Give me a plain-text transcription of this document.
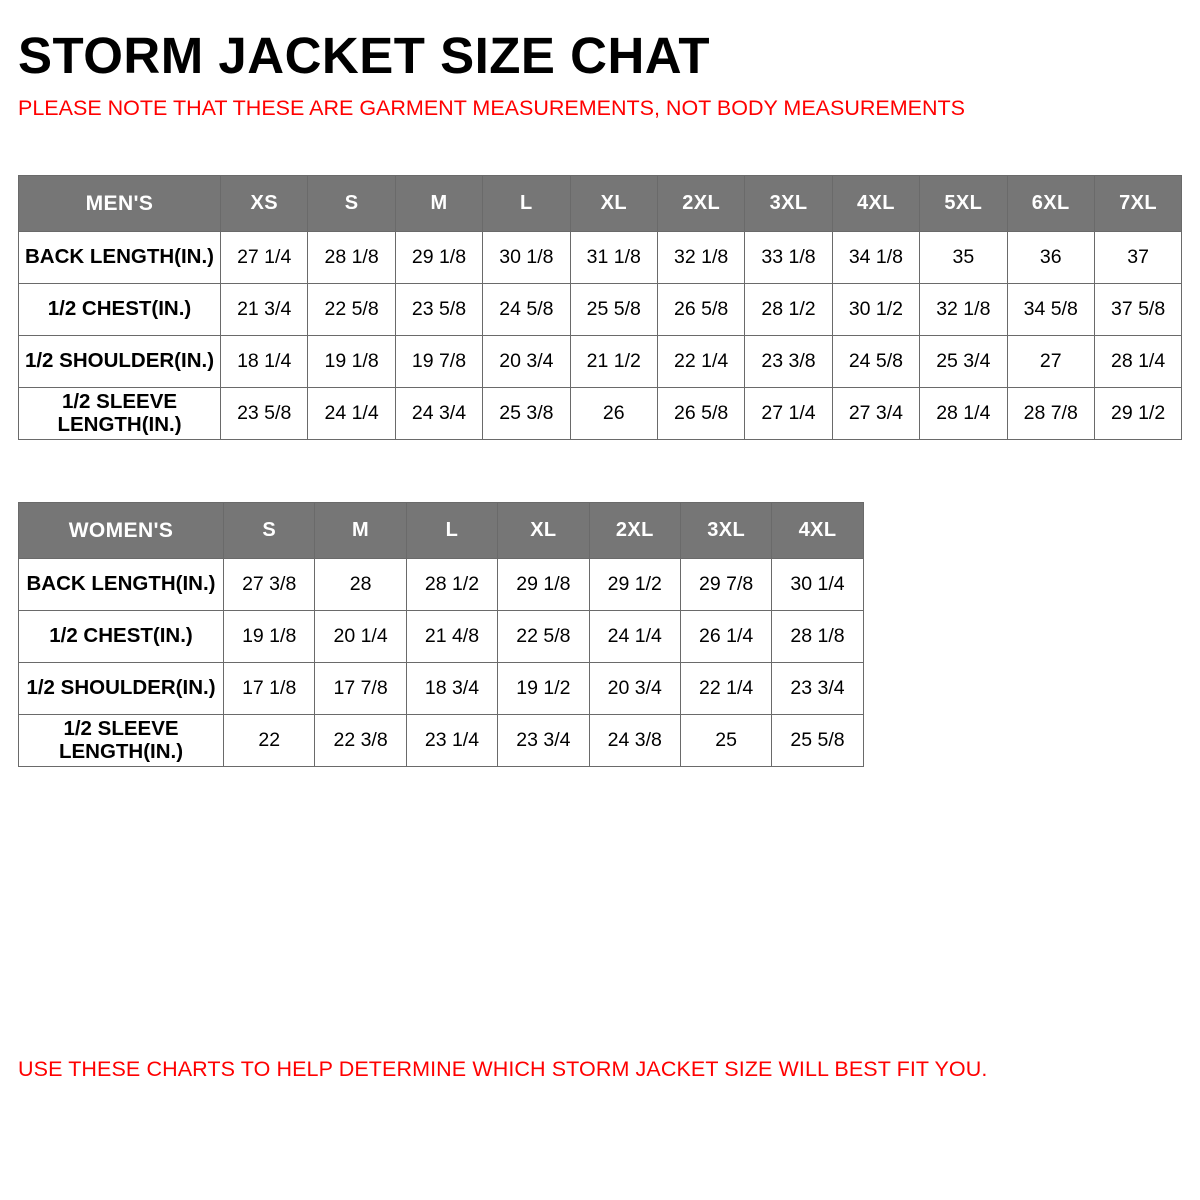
STORM JACKET SIZE CHAT
PLEASE NOTE THAT THESE ARE GARMENT MEASUREMENTS, NOT BODY MEASUREMENTS
MEN'S	XS	S	M	L	XL	2XL	3XL	4XL	5XL	6XL	7XL
BACK LENGTH(IN.)	27 1/4	28 1/8	29 1/8	30 1/8	31 1/8	32 1/8	33 1/8	34 1/8	35	36	37
1/2 CHEST(IN.)	21 3/4	22 5/8	23 5/8	24 5/8	25 5/8	26 5/8	28 1/2	30 1/2	32 1/8	34 5/8	37 5/8
1/2 SHOULDER(IN.)	18 1/4	19 1/8	19 7/8	20 3/4	21 1/2	22 1/4	23 3/8	24 5/8	25 3/4	27	28 1/4
1/2 SLEEVE LENGTH(IN.)	23 5/8	24 1/4	24 3/4	25 3/8	26	26 5/8	27 1/4	27 3/4	28 1/4	28 7/8	29 1/2
WOMEN'S	S	M	L	XL	2XL	3XL	4XL
BACK LENGTH(IN.)	27 3/8	28	28 1/2	29 1/8	29 1/2	29 7/8	30 1/4
1/2 CHEST(IN.)	19 1/8	20 1/4	21 4/8	22 5/8	24 1/4	26 1/4	28 1/8
1/2 SHOULDER(IN.)	17 1/8	17 7/8	18 3/4	19 1/2	20 3/4	22 1/4	23 3/4
1/2 SLEEVE LENGTH(IN.)	22	22 3/8	23 1/4	23 3/4	24 3/8	25	25 5/8
USE THESE CHARTS TO HELP DETERMINE WHICH STORM JACKET SIZE WILL BEST FIT YOU.
